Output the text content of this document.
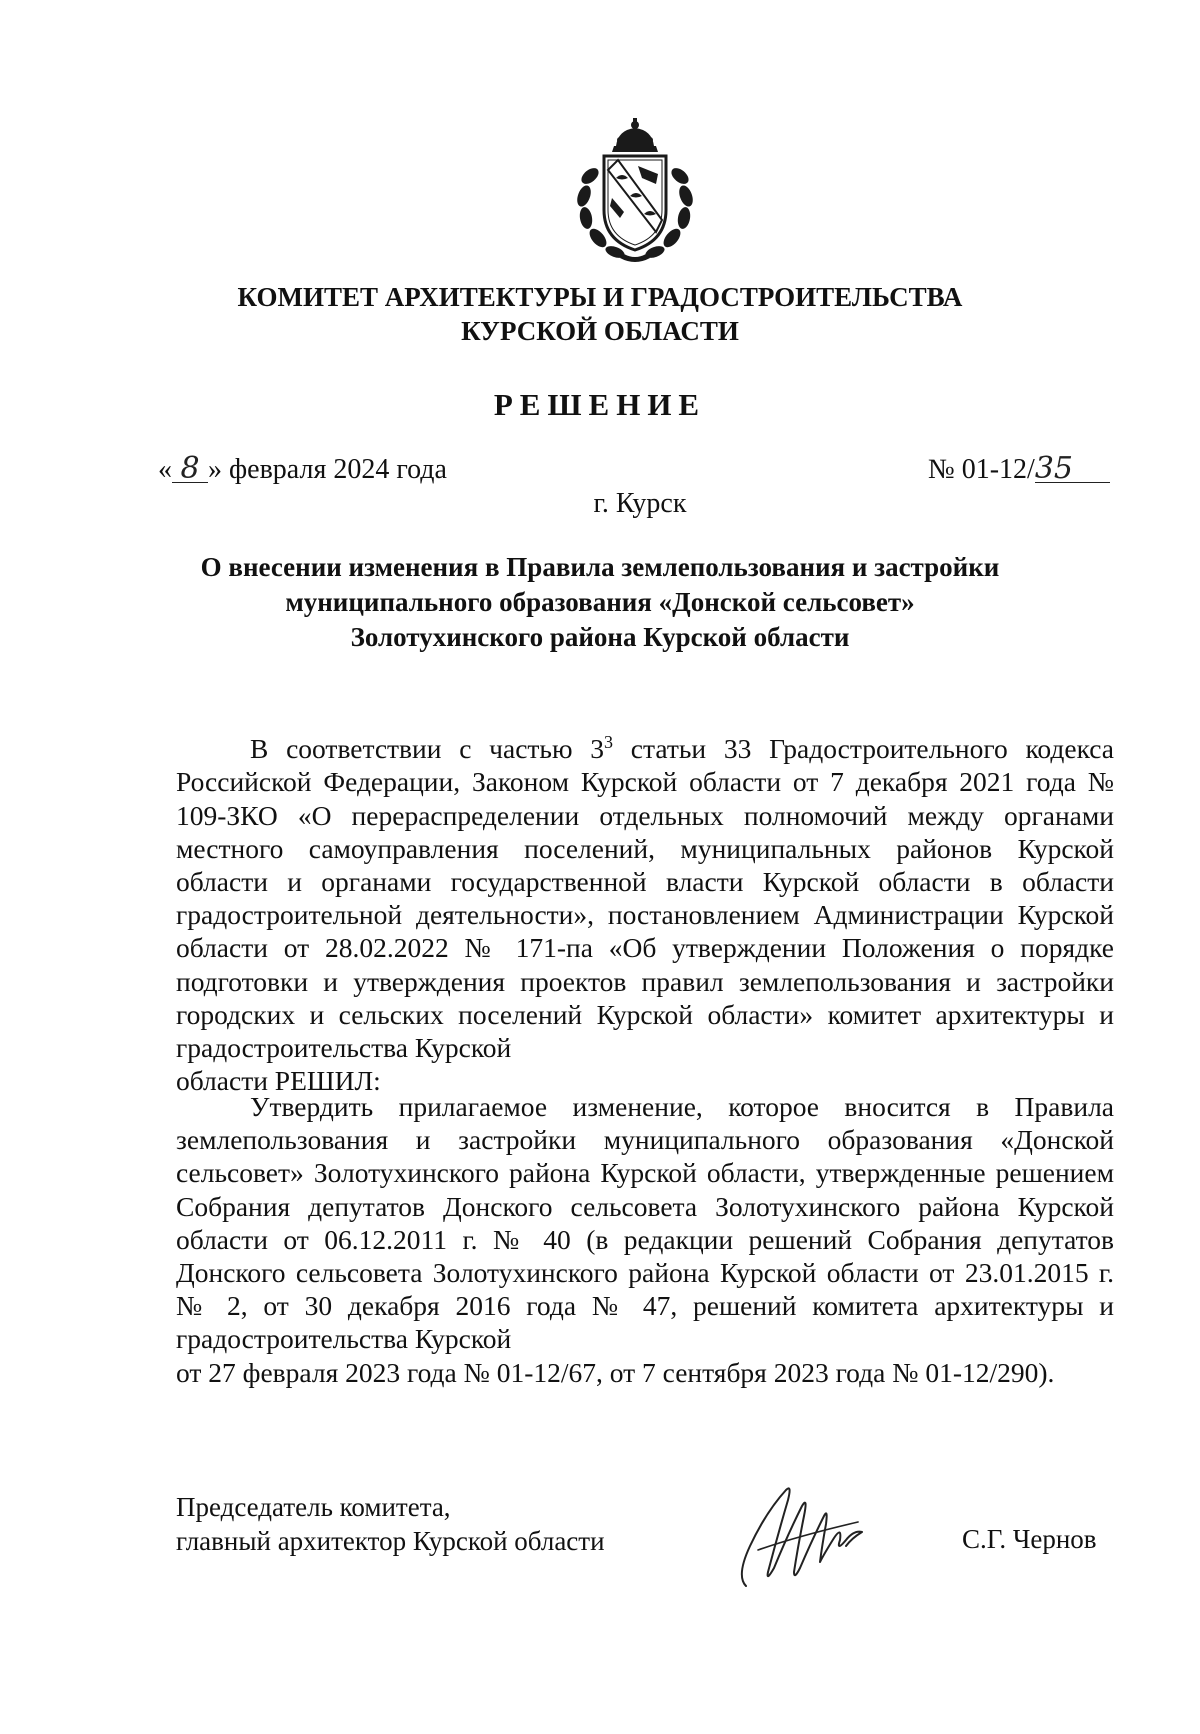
КОМИТЕТ АРХИТЕКТУРЫ И ГРАДОСТРОИТЕЛЬСТВА
КУРСКОЙ ОБЛАСТИ
РЕШЕНИЕ
« 8 » февраля 2024 года	№ 01-12/35
г. Курск
О внесении изменения в Правила землепользования и застройки
муниципального образования «Донской сельсовет»
Золотухинского района Курской области
В соответствии с частью $3^3$ статьи 33 Градостроительного кодекса Российской Федерации, Законом Курской области от 7 декабря 2021 года № 109-ЗКО «О перераспределении отдельных полномочий между органами местного самоуправления поселений, муниципальных районов Курской области и органами государственной власти Курской области в области градостроительной деятельности», постановлением Администрации Курской области от 28.02.2022 № 171-па «Об утверждении Положения о порядке подготовки и утверждения проектов правил землепользования и застройки городских и сельских поселений Курской области» комитет архитектуры и градостроительства Курской
области РЕШИЛ:
Утвердить прилагаемое изменение, которое вносится в Правила землепользования и застройки муниципального образования «Донской сельсовет» Золотухинского района Курской области, утвержденные решением Собрания депутатов Донского сельсовета Золотухинского района Курской области от 06.12.2011 г. № 40 (в редакции решений Собрания депутатов Донского сельсовета Золотухинского района Курской области от 23.01.2015 г. № 2, от 30 декабря 2016 года № 47, решений комитета архитектуры и градостроительства Курской
от 27 февраля 2023 года № 01-12/67, от 7 сентября 2023 года № 01-12/290).
Председатель комитета,
главный архитектор Курской области	С.Г. Чернов
